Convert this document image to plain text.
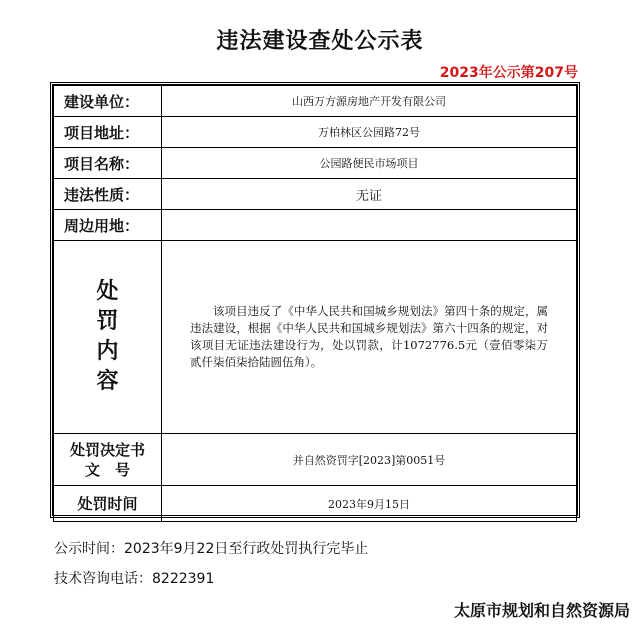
违法建设查处公示表
2023年公示第207号
建设单位：	山西万方源房地产开发有限公司
项目地址：	万柏林区公园路72号
项目名称：	公园路便民市场项目
违法性质：	无证
周边用地：	

处
罚
内
容	该项目违反了《中华人民共和国城乡规划法》第四十条的规定，属违法建设，根据《中华人民共和国城乡规划法》第六十四条的规定，对该项目无证违法建设行为，处以罚款，计1072776.5元（壹佰零柒万贰仟柒佰柒拾陆圆伍角）。

处罚决定书
文　号	并自然资罚字[2023]第0051号
处罚时间	2023年9月15日
公示时间：2023年9月22日至行政处罚执行完毕止
技术咨询电话：8222391
太原市规划和自然资源局
